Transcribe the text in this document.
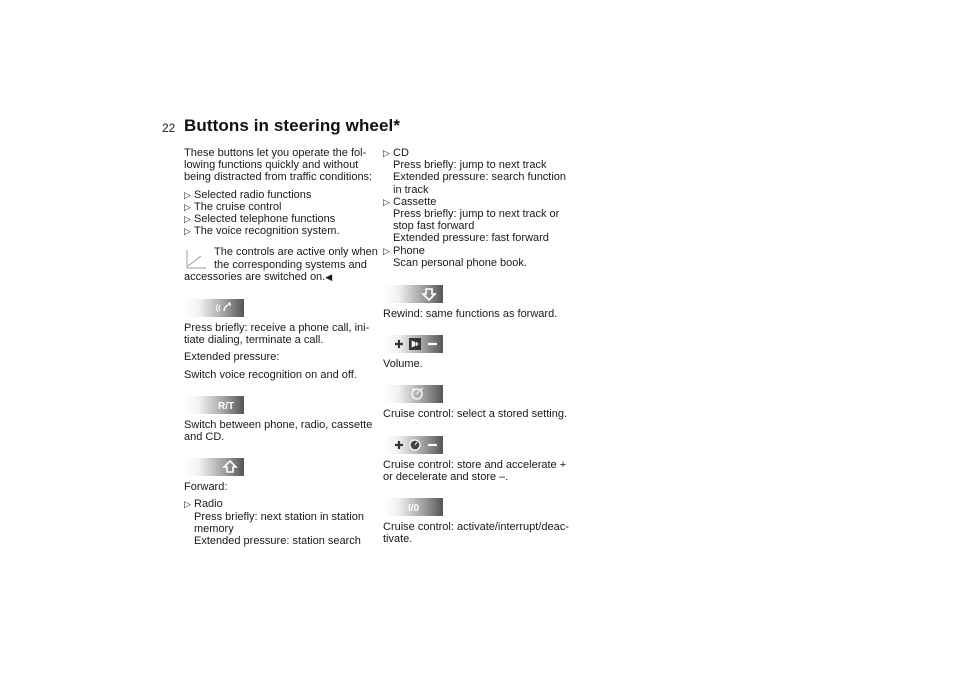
22 Buttons in steering wheel*
These buttons let you operate the fol-
lowing functions quickly and without
being distracted from traffic conditions:
▷ Selected radio functions
▷ The cruise control
▷ Selected telephone functions
▷ The voice recognition system.
The controls are active only when
the corresponding systems and
accessories are switched on.◀
Press briefly: receive a phone call, ini-
tiate dialing, terminate a call.
Extended pressure:
Switch voice recognition on and off.
R/T
Switch between phone, radio, cassette
and CD.
Forward:
▷ Radio
Press briefly: next station in station
memory
Extended pressure: station search
▷ CD
Press briefly: jump to next track
Extended pressure: search function
in track
▷ Cassette
Press briefly: jump to next track or
stop fast forward
Extended pressure: fast forward
▷ Phone
Scan personal phone book.
Rewind: same functions as forward.
Volume.
Cruise control: select a stored setting.
Cruise control: store and accelerate +
or decelerate and store –.
I/0
Cruise control: activate/interrupt/deac-
tivate.
